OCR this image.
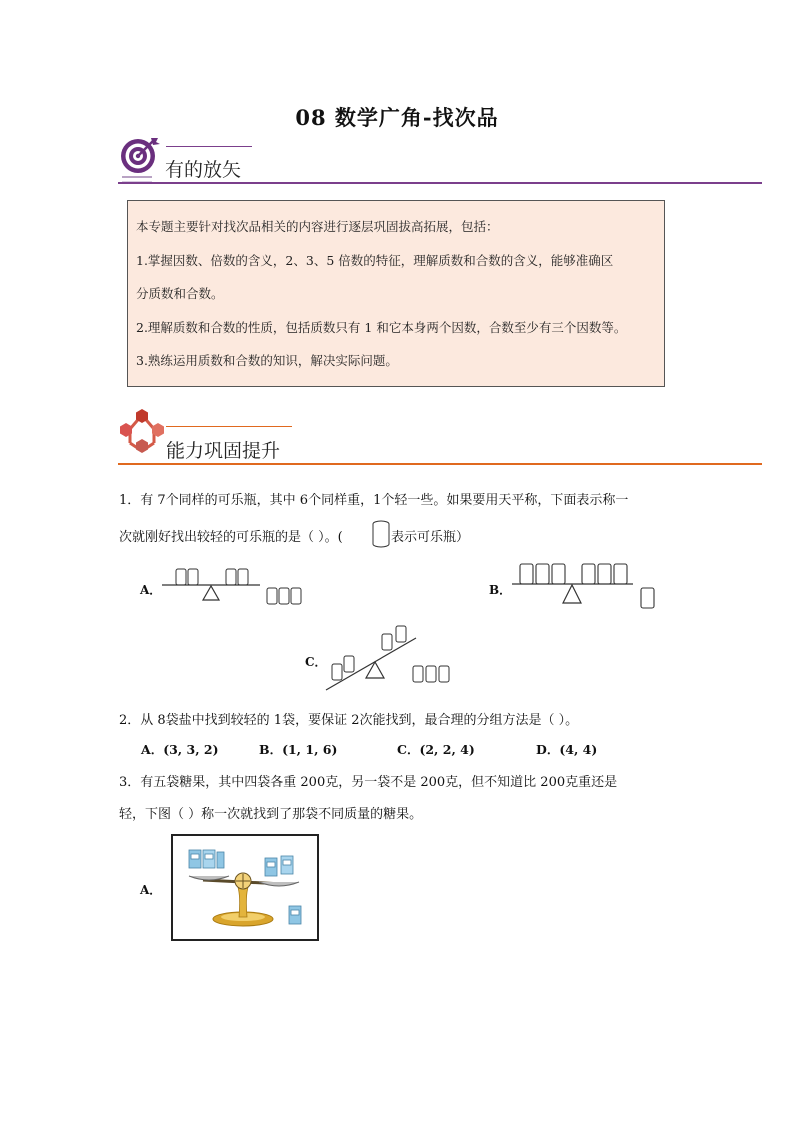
08 数学广角-找次品
有的放矢

本专题主要针对找次品相关的内容进行逐层巩固拔高拓展，包括：

1.掌握因数、倍数的含义，2、3、5 倍数的特征，理解质数和合数的含义，能够准确区

分质数和合数。

2.理解质数和合数的性质，包括质数只有 1 和它本身两个因数，合数至少有三个因数等。

3.熟练运用质数和合数的知识，解决实际问题。

能力巩固提升
1．有 7个同样的可乐瓶，其中 6个同样重，1个轻一些。如果要用天平称，下面表示称一
次就刚好找出较轻的可乐瓶的是（ ）。(	表示可乐瓶）
A．	B．
C．
2．从 8袋盐中找到较轻的 1袋，要保证 2次能找到，最合理的分组方法是（ ）。
A．(3, 3, 2)	B．(1, 1, 6)	C．(2, 2, 4)	D．(4, 4)
3．有五袋糖果，其中四袋各重 200克，另一袋不是 200克，但不知道比 200克重还是
轻，下图（ ）称一次就找到了那袋不同质量的糖果。
A．
